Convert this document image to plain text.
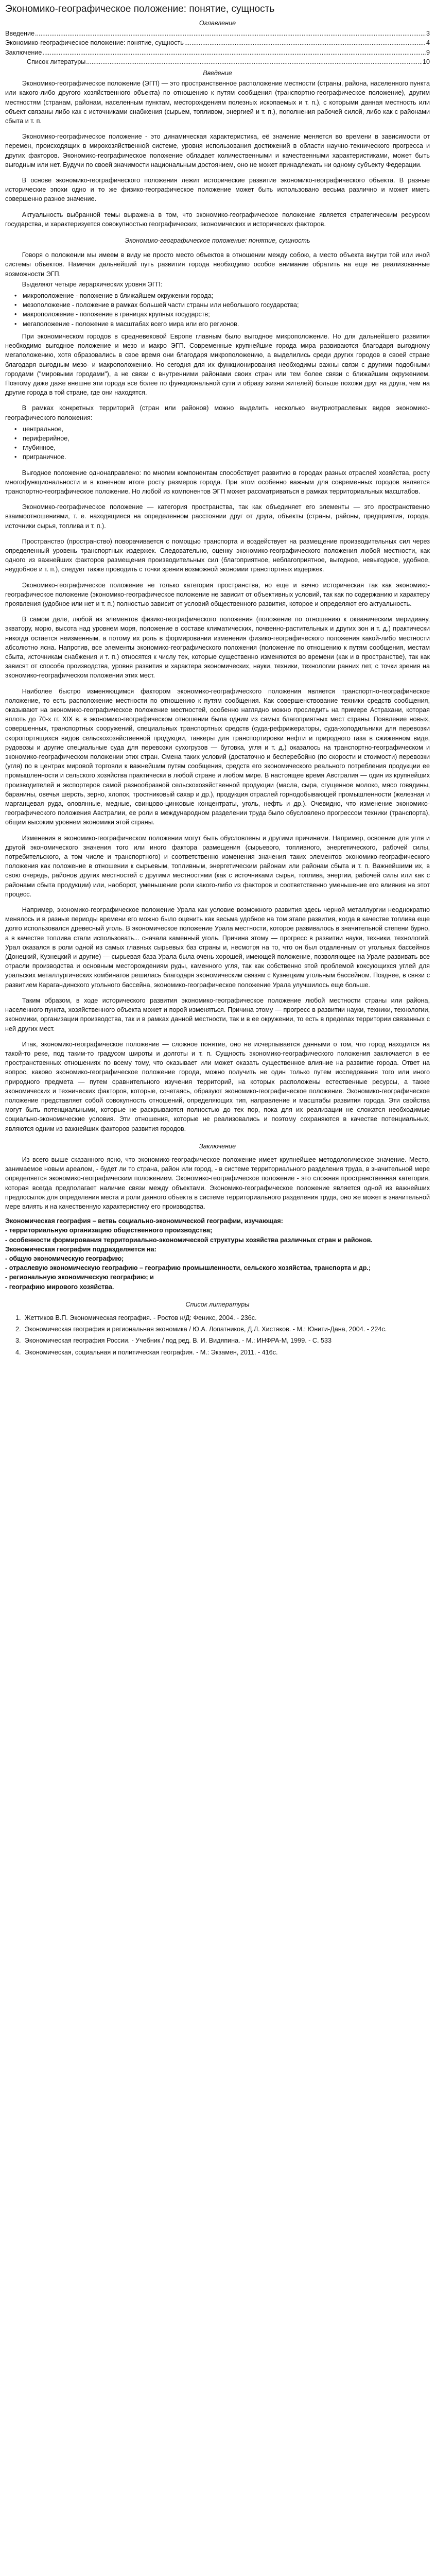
Экономико-географическое положение: понятие, сущность
Оглавление
Введение .....	3
Экономико-географическое положение: понятие, сущность .....	4
Заключение .....	9
Список литературы .....	10
Введение

Экономико-географическое положение (ЭГП) — это пространственное расположение местности (страны, района, населенного пункта или какого-либо другого хозяйственного объекта) по отношению к путям сообщения (транспортно-географическое положение), другим местностям (странам, районам, населенным пунктам, месторождениям полезных ископаемых и т. п.), с которыми данная местность или объект связаны либо как с источниками снабжения (сырьем, топливом, энергией и т. п.), пополнения рабочей силой, либо как с районами сбыта и т. п.

Экономико-географическое положение - это динамическая характеристика, её значение меняется во времени в зависимости от перемен, происходящих в мирохозяйственной системе, уровня использования достижений в области научно-технического прогресса и других факторов. Экономико-географическое положение обладает количественными и качественными характеристиками, может быть выгодным или нет. Будучи по своей значимости национальным достоянием, оно не может принадлежать ни одному субъекту Федерации.

В основе экономико-географического положения лежит исторические развитие экономико-географического объекта. В разные исторические эпохи одно и то же физико-географическое положение может быть использовано весьма различно и может иметь совершенно разное значение.

Актуальность выбранной темы выражена в том, что экономико-географическое положение является стратегическим ресурсом государства, и характеризуется совокупностью географических, экономических и исторических факторов.

Экономико-географическое положение: понятие, сущность

Говоря о положении мы имеем в виду не просто место объектов в отношении между собою, а место объекта внутри той или иной системы объектов. Намечая дальнейший путь развития города необходимо особое внимание обратить на еще не реализованные возможности ЭГП.

Выделяют четыре иерархических уровня ЭГП:

• микроположение - положение в ближайшем окружении города;
• мезоположение - положение в рамках большей части страны или небольшого государства;
• макроположение - положение в границах крупных государств;
• мегаположение - положение в масштабах всего мира или его регионов.

При экономическом городов в средневековой Европе главным было выгодное микроположение. Но для дальнейшего развития необходимо выгодное положение и мезо и макро ЭГП. Современные крупнейшие города мира развиваются благодаря выгодному мегаположению, хотя образовались в свое время они благодаря микроположению, а выделились среди других городов в своей стране благодаря выгодным мезо- и макроположению. Но сегодня для их функционирования необходимы важны связи с другими подобными городами ("мировыми городами"), а не связи с внутренними районами своих стран или тем более связи с ближайшим окружением. Поэтому даже даже внешне эти города все более по функциональной сути и образу жизни жителей) больше похожи друг на друга, чем на другие города в той стране, где они находятся.

В рамках конкретных территорий (стран или районов) можно выделить несколько внутриотраслевых видов экономико-географического положения:

• центральное,
• периферийное,
• глубинное,
• приграничное.

Выгодное положение однонаправлено: по многим компонентам способствует развитию в городах разных отраслей хозяйства, росту многофункциональности и в конечном итоге росту размеров города. При этом особенно важным для современных городов является транспортно-географическое положение. Но любой из компонентов ЭГП может рассматриваться в рамках территориальных масштабов.

Экономико-географическое положение — категория пространства, так как объединяет его элементы — это пространственно взаимоотношениями, т. е. находящиеся на определенном расстоянии друг от друга, объекты (страны, районы, предприятия, города, источники сырья, топлива и т. п.).

Пространство (пространство) поворачивается с помощью транспорта и воздействует на размещение производительных сил через определенный уровень транспортных издержек. Следовательно, оценку экономико-географического положения любой местности, как одного из важнейших факторов размещения производительных сил (благоприятное, неблагоприятное, выгодное, невыгодное, удобное, неудобное и т. п.), следует также проводить с точки зрения возможной экономии транспортных издержек.

Экономико-географическое положение не только категория пространства, но еще и вечно историческая так как экономико-географическое положение (экономико-географическое положение не зависит от объективных условий, так как по содержанию и характеру проявления (удобное или нет и т. п.) полностью зависит от условий общественного развития, которое и определяют его актуальность.

В самом деле, любой из элементов физико-географического положения (положение по отношению к океаническим меридиану, экватору, морю, высота над уровнем моря, положение в составе климатических, почвенно-растительных и других зон и т. д.) практически никогда остается неизменным, а потому их роль в формировании изменения физико-географического положения какой-либо местности абсолютно ясна. Напротив, все элементы экономико-географического положения (положение по отношению к путям сообщения, местам сбыта, источникам снабжения и т. п.) относятся к числу тех, которые существенно изменяются во времени (как и в пространстве), так как зависят от способа производства, уровня развития и характера экономических, науки, техники, технологии ранних лет, с точки зрения на экономико-географическом положении этих мест.

Наиболее быстро изменяющимся фактором экономико-географического положения является транспортно-географическое положение, то есть расположение местности по отношению к путям сообщения. Как совершенствование техники средств сообщения, оказывают на экономико-географическое положение местностей, особенно наглядно можно проследить на примере Астрахани, которая вплоть до 70-х гг. XIX в. в экономико-географическом отношении была одним из самых благоприятных мест страны. Появление новых, совершенных, транспортных сооружений, специальных транспортных средств (суда-рефрижераторы, суда-холодильники для перевозки скоропортящихся видов сельскохозяйственной продукции, танкеры для транспортировки нефти и природного газа в сжиженном виде, рудовозы и другие специальные суда для перевозки сухогрузов — бутовка, угля и т. д.) оказалось на транспортно-географическом и экономико-географическом положении этих стран. Смена таких условий (достаточно и бесперебойно (по скорости и стоимости) перевозки (угля) по в центрах мировой торговли к важнейшим путям сообщения, средств его экономического реального потребления продукции ее промышленности и сельского хозяйства практически в любой стране и любом мире. В настоящее время Австралия — один из крупнейших производителей и экспортеров самой разнообразной сельскохозяйственной продукции (масла, сыра, сгущенное молоко, мясо говядины, баранины, овечья шерсть, зерно, хлопок, тростниковый сахар и др.), продукция отраслей горнодобывающей промышленности (железная и марганцевая руда, оловянные, медные, свинцово-цинковые концентраты, уголь, нефть и др.). Очевидно, что изменение экономико-географического положения Австралии, ее роли в международном разделении труда было обусловлено прогрессом техники (транспорта), общим высоким уровнем экономики этой страны.

Изменения в экономико-географическом положении могут быть обусловлены и другими причинами. Например, освоение для угля и другой экономического значения того или иного фактора размещения (сырьевого, топливного, энергетического, рабочей силы, потребительского, а том числе и транспортного) и соответственно изменения значения таких элементов экономико-географического положения как положение в отношении к сырьевым, топливным, энергетическим районам или районам сбыта и т. п. Важнейшими их, в свою очередь, районов других местностей с другими местностями (как с источниками сырья, топлива, энергии, рабочей силы или как с районами сбыта продукции) или, наоборот, уменьшение роли какого-либо из факторов и соответственно уменьшение его влияния на этот процесс.

Например, экономико-географическое положение Урала как условие возможного развития здесь черной металлургии неоднократно менялось и в разные периоды времени его можно было оценить как весьма удобное на том этапе развития, когда в качестве топлива еще долго использовался древесный уголь. В экономическое положение Урала местности, которое развивалось в значительной степени бурно, а в качестве топлива стали использовать... сначала каменный уголь. Причина этому — прогресс в развитии науки, техники, технологий. Урал оказался в роли одной из самых главных сырьевых баз страны и, несмотря на то, что он был отдаленным от угольных бассейнов (Донецкий, Кузнецкий и другие) — сырьевая база Урала была очень хорошей, имеющей положение, позволяющее на Урале развивать все отрасли производства и основным месторождениям руды, каменного угля, так как собственно этой проблемой коксующихся углей для уральских металлургических комбинатов решилась благодаря экономическим связям с Кузнецким угольным бассейном. Позднее, в связи с развитием Карагандинского угольного бассейна, экономико-географическое положение Урала улучшилось еще больше.

Таким образом, в ходе исторического развития экономико-географическое положение любой местности страны или района, населенного пункта, хозяйственного объекта может и порой изменяться. Причина этому — прогресс в развитии науки, техники, технологии, экономики, организации производства, так и в рамках данной местности, так и в ее окружении, то есть в пределах территории связанных с ней других мест.

Итак, экономико-географическое положение — сложное понятие, оно не исчерпывается данными о том, что город находится на такой-то реке, под таким-то градусом широты и долготы и т. п. Сущность экономико-географического положения заключается в ее пространственных отношениях по всему тому, что оказывает или может оказать существенное влияние на развитие города. Ответ на вопрос, каково экономико-географическое положение города, можно получить не один только путем исследования того или иного природного предмета — путем сравнительного изучения территорий, на которых расположены естественные ресурсы, а также экономических и технических факторов, которые, сочетаясь, образуют экономико-географическое положение. Экономико-географическое положение представляет собой совокупность отношений, определяющих тип, направление и масштабы развития города. Эти свойства могут быть потенциальными, которые не раскрываются полностью до тех пор, пока для их реализации не сложатся необходимые социально-экономические условия. Эти отношения, которые не реализовались и поэтому сохраняются в качестве потенциальных, являются одним из важнейших факторов развития городов.

Заключение

Из всего выше сказанного ясно, что экономико-географическое положение имеет крупнейшее методологическое значение. Место, занимаемое новым ареалом, - будет ли то страна, район или город, - в системе территориального разделения труда, в значительной мере определяется экономико-географическим положением. Экономико-географическое положение - это сложная пространственная категория, которая всегда предполагает наличие связи между объектами. Экономико-географическое положение является одной из важнейших предпосылок для определения места и роли данного объекта в системе территориального разделения труда, оно же может в значительной мере влиять и на качественную характеристику его производства.

Экономическая география – ветвь социально-экономической географии, изучающая:

- территориальную организацию общественного производства;

- особенности формирования территориально-экономической структуры хозяйства различных стран и районов.

Экономическая география подразделяется на:

- общую экономическую географию;

- отраслевую экономическую географию – географию промышленности, сельского хозяйства, транспорта и др.;

- региональную экономическую географию; и

- географию мирового хозяйства.

Список литературы
1. Жеттиков В.П. Экономическая география. - Ростов н/Д: Феникс, 2004. - 236с.
2. Экономическая география и региональная экономика / Ю.А. Лопатников, Д.Л. Хистяков. - М.: Юнити-Дана, 2004. - 224с.
3. Экономическая география России. - Учебник / под ред. В. И. Видяпина. - М.: ИНФРА-М, 1999. - С. 533
4. Экономическая, социальная и политическая география. - М.: Экзамен, 2011. - 416с.
